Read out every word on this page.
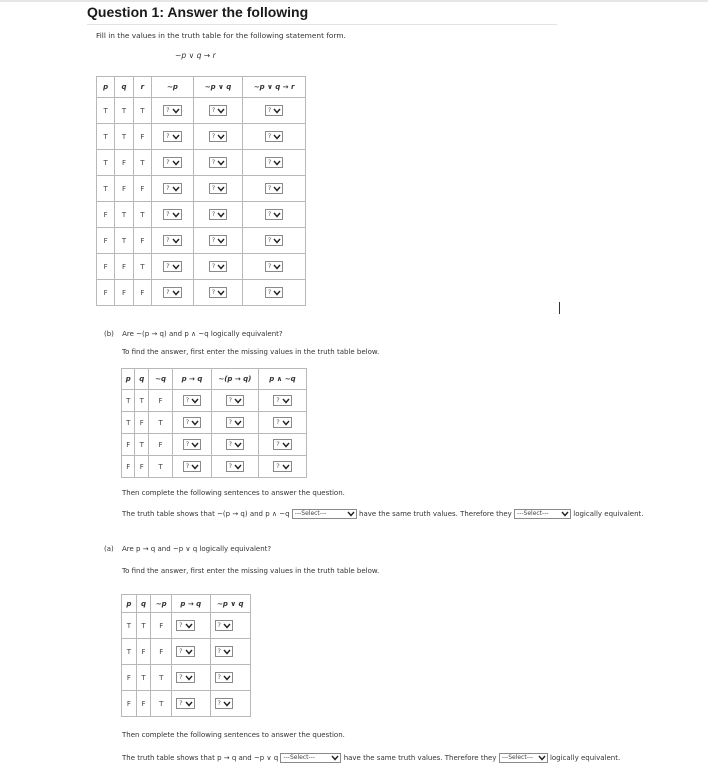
Question 1: Answer the following
Fill in the values in the truth table for the following statement form.
~p ∨ q → r
p	q	r	~p	~p ∨ q	~p ∨ q → r
T	T	T	?	?	?

T	T	F	?	?	?

T	F	T	?	?	?

T	F	F	?	?	?

F	T	T	?	?	?

F	T	F	?	?	?

F	F	T	?	?	?

F	F	F	?	?	?
(b) Are ~(p → q) and p ∧ ~q logically equivalent?
To find the answer, first enter the missing values in the truth table below.
p	q	~q	p → q	~(p → q)	p ∧ ~q
T	T	F	?	?	?

T	F	T	?	?	?

F	T	F	?	?	?

F	F	T	?	?	?
Then complete the following sentences to answer the question.
The truth table shows that ~(p → q) and p ∧ ~q ---Select---	have the same truth values. Therefore they ---Select---	logically equivalent.
(a) Are p → q and ~p ∨ q logically equivalent?
To find the answer, first enter the missing values in the truth table below.
p	q	~p	p → q	~p ∨ q
T	T	F	?	?

T	F	F	?	?

F	T	T	?	?

F	F	T	?	?
Then complete the following sentences to answer the question.
The truth table shows that p → q and ~p ∨ q ---Select---	have the same truth values. Therefore they ---Select--- logically equivalent.
